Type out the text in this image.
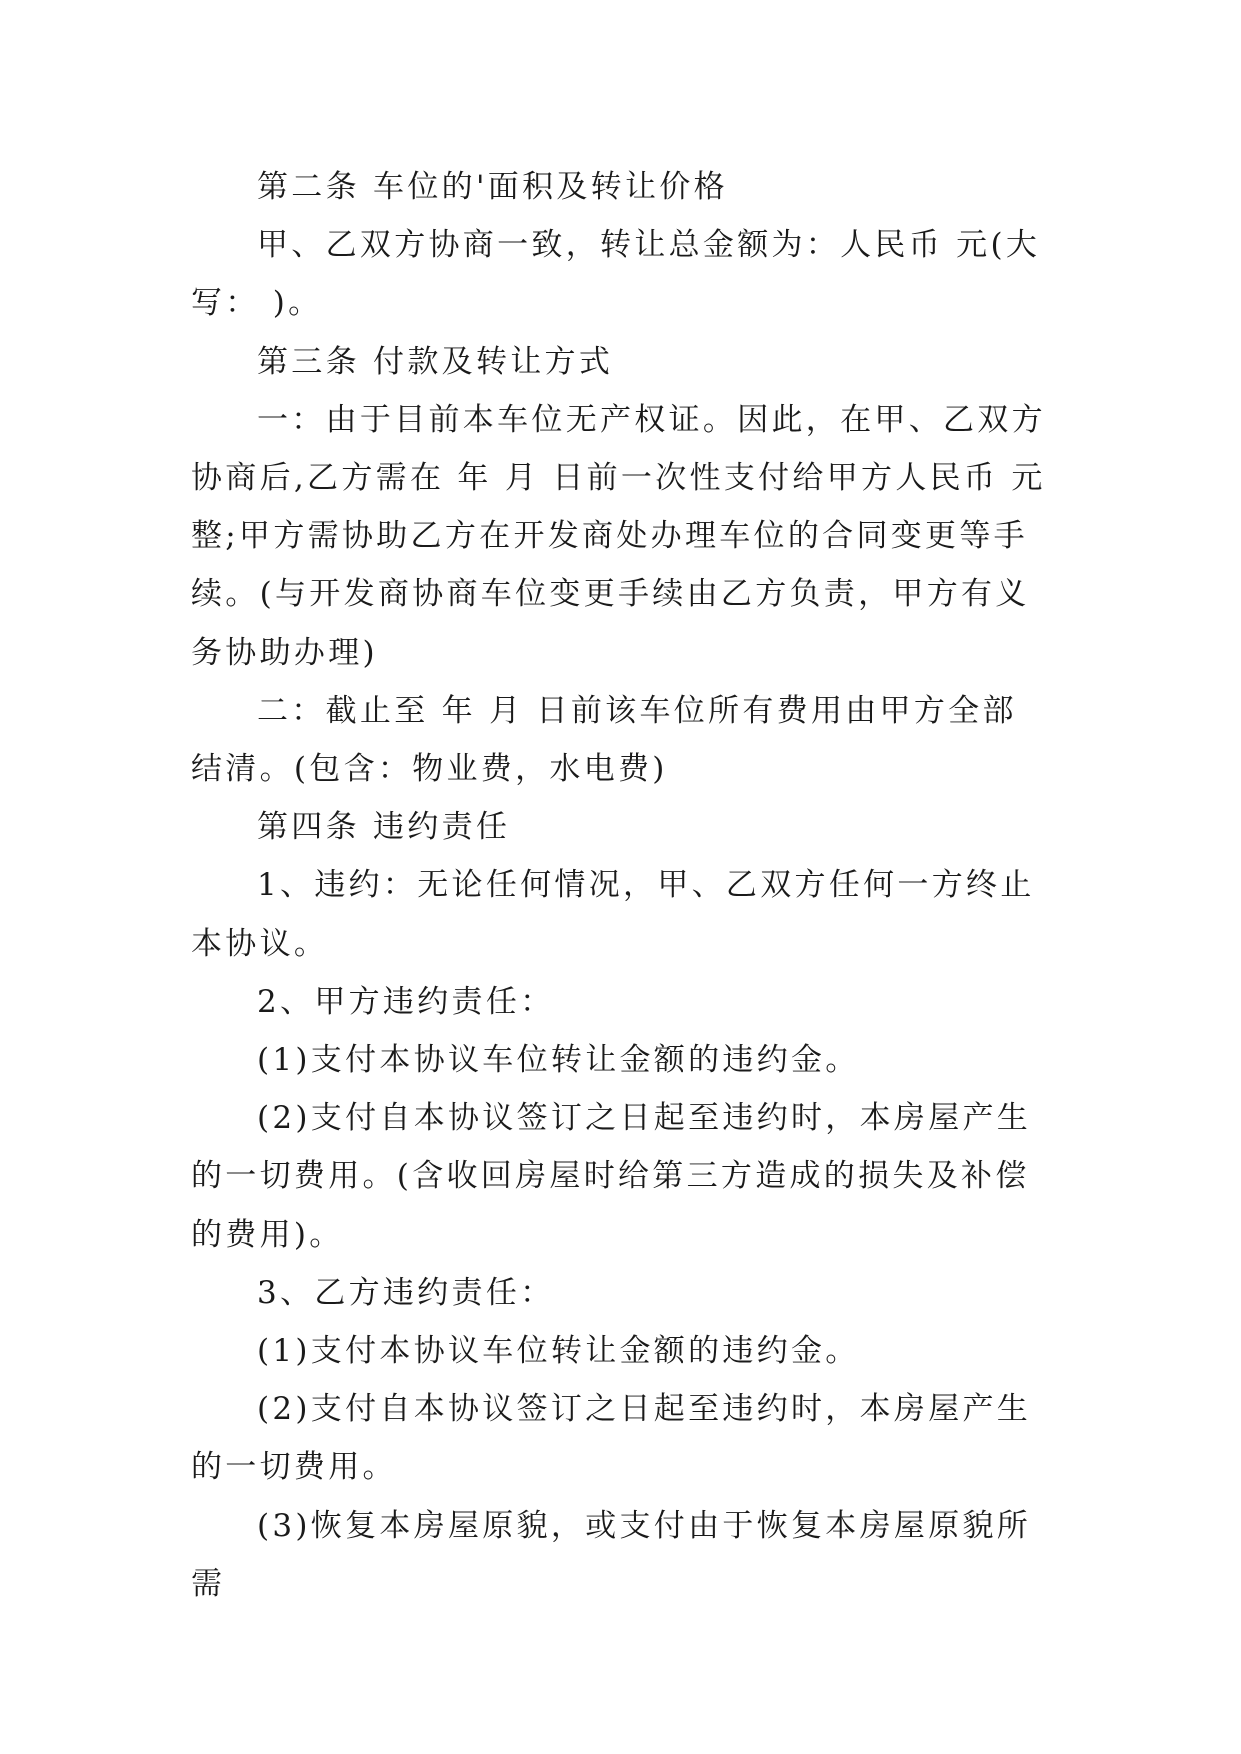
第二条 车位的'面积及转让价格

甲、乙双方协商一致，转让总金额为：人民币 元(大写： )。

第三条 付款及转让方式

一：由于目前本车位无产权证。因此，在甲、乙双方协商后,乙方需在 年 月 日前一次性支付给甲方人民币 元整;甲方需协助乙方在开发商处办理车位的合同变更等手续。(与开发商协商车位变更手续由乙方负责，甲方有义务协助办理)

二：截止至 年 月 日前该车位所有费用由甲方全部结清。(包含：物业费，水电费)

第四条 违约责任

1、违约：无论任何情况，甲、乙双方任何一方终止本协议。

2、甲方违约责任：

(1)支付本协议车位转让金额的违约金。

(2)支付自本协议签订之日起至违约时，本房屋产生的一切费用。(含收回房屋时给第三方造成的损失及补偿的费用)。

3、乙方违约责任：

(1)支付本协议车位转让金额的违约金。

(2)支付自本协议签订之日起至违约时，本房屋产生的一切费用。

(3)恢复本房屋原貌，或支付由于恢复本房屋原貌所需
